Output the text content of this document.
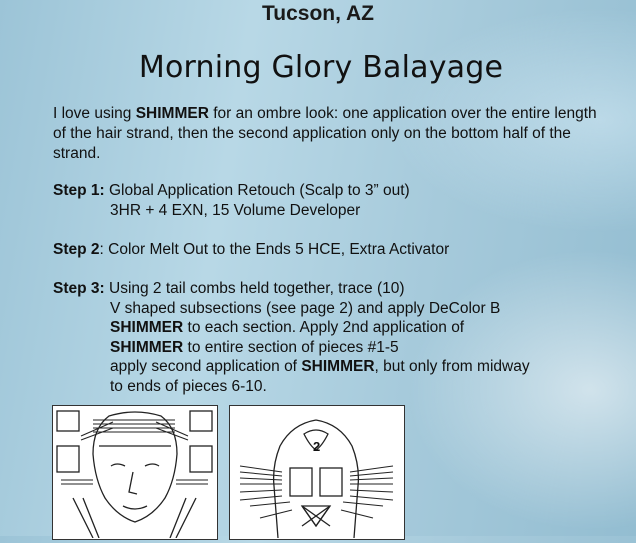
Tucson, AZ
Morning Glory Balayage
I love using SHIMMER for an ombre look: one application over the entire length of the hair strand, then the second application only on the bottom half of the strand.
Step 1: Global Application Retouch (Scalp to 3” out)
3HR + 4 EXN, 15 Volume Developer
Step 2: Color Melt Out to the Ends 5 HCE, Extra Activator
Step 3: Using 2 tail combs held together, trace (10)
V shaped subsections (see page 2) and apply DeColor B
SHIMMER to each section. Apply 2nd application of
SHIMMER to entire section of pieces #1-5
apply second application of SHIMMER, but only from midway
to ends of pieces 6-10.
2
